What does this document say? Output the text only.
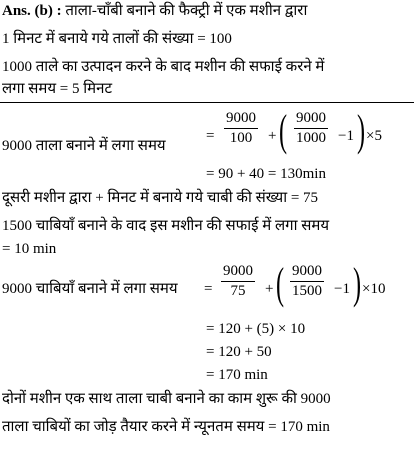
Ans. (b) : ताला-चाँबी बनाने की फैक्ट्री में एक मशीन द्वारा
1 मिनट में बनाये गये तालों की संख्या = 100
1000 ताले का उत्पादन करने के बाद मशीन की सफाई करने में
लगा समय = 5 मिनट
9000 ताला बनाने में लगा समय
= $\frac{9000}{100}$ + ( $\frac{9000}{1000} -1$ ) ×5
= 90 + 40 = 130min
दूसरी मशीन द्वारा + मिनट में बनाये गये चाबी की संख्या = 75
1500 चाबियाँ बनाने के वाद इस मशीन की सफाई में लगा समय
= 10 min
9000 चाबियाँ बनाने में लगा समय = $\frac{9000}{75}$ + ( $\frac{9000}{1500} -1$ ) ×10
= 120 + (5) × 10
= 120 + 50
= 170 min
दोनों मशीन एक साथ ताला चाबी बनाने का काम शुरू की 9000
ताला चाबियों का जोड़ तैयार करने में न्यूनतम समय = 170 min
